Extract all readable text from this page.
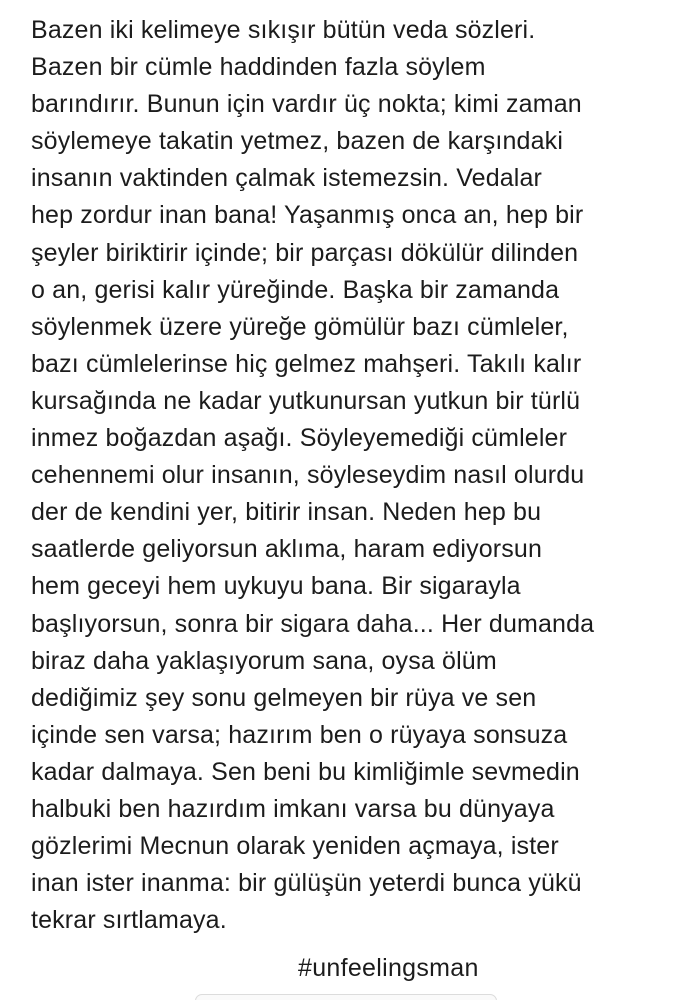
Bazen iki kelimeye sıkışır bütün veda sözleri.
Bazen bir cümle haddinden fazla söylem
barındırır. Bunun için vardır üç nokta; kimi zaman
söylemeye takatin yetmez, bazen de karşındaki
insanın vaktinden çalmak istemezsin. Vedalar
hep zordur inan bana! Yaşanmış onca an, hep bir
şeyler biriktirir içinde; bir parçası dökülür dilinden
o an, gerisi kalır yüreğinde. Başka bir zamanda
söylenmek üzere yüreğe gömülür bazı cümleler,
bazı cümlelerinse hiç gelmez mahşeri. Takılı kalır
kursağında ne kadar yutkunursan yutkun bir türlü
inmez boğazdan aşağı. Söyleyemediği cümleler
cehennemi olur insanın, söyleseydim nasıl olurdu
der de kendini yer, bitirir insan. Neden hep bu
saatlerde geliyorsun aklıma, haram ediyorsun
hem geceyi hem uykuyu bana. Bir sigarayla
başlıyorsun, sonra bir sigara daha... Her dumanda
biraz daha yaklaşıyorum sana, oysa ölüm
dediğimiz şey sonu gelmeyen bir rüya ve sen
içinde sen varsa; hazırım ben o rüyaya sonsuza
kadar dalmaya. Sen beni bu kimliğimle sevmedin
halbuki ben hazırdım imkanı varsa bu dünyaya
gözlerimi Mecnun olarak yeniden açmaya, ister
inan ister inanma: bir gülüşün yeterdi bunca yükü
tekrar sırtlamaya.
#unfeelingsman
